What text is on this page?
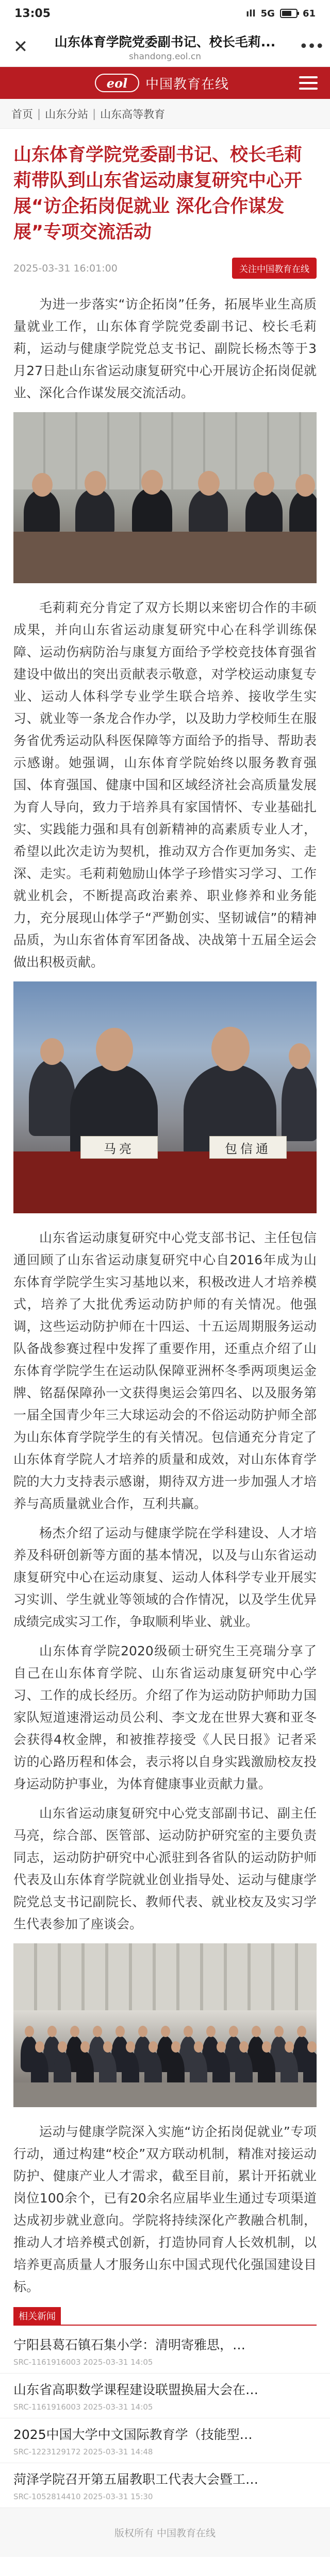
13:05	ıll 5G	61
✕	山东体育学院党委副书记、校长毛莉...
shandong.eol.cn
•••
eol	中国教育在线
首页 | 山东分站 | 山东高等教育
山东体育学院党委副书记、校长毛莉莉带队到山东省运动康复研究中心开展“访企拓岗促就业 深化合作谋发展”专项交流活动
2025-03-31 16:01:00	关注中国教育在线

为进一步落实“访企拓岗”任务，拓展毕业生高质量就业工作，山东体育学院党委副书记、校长毛莉莉，运动与健康学院党总支书记、副院长杨杰等于3月27日赴山东省运动康复研究中心开展访企拓岗促就业、深化合作谋发展交流活动。

毛莉莉充分肯定了双方长期以来密切合作的丰硕成果，并向山东省运动康复研究中心在科学训练保障、运动伤病防治与康复方面给予学校竞技体育强省建设中做出的突出贡献表示敬意，对学校运动康复专业、运动人体科学专业学生联合培养、接收学生实习、就业等一条龙合作办学，以及助力学校师生在服务省优秀运动队科医保障等方面给予的指导、帮助表示感谢。她强调，山东体育学院始终以服务教育强国、体育强国、健康中国和区域经济社会高质量发展为育人导向，致力于培养具有家国情怀、专业基础扎实、实践能力强和具有创新精神的高素质专业人才，希望以此次走访为契机，推动双方合作更加务实、走深、走实。毛莉莉勉励山体学子珍惜实习学习、工作就业机会，不断提高政治素养、职业修养和业务能力，充分展现山体学子“严勤创实、坚韧诚信”的精神品质，为山东省体育军团备战、决战第十五届全运会做出积极贡献。

马亮	包信通

山东省运动康复研究中心党支部书记、主任包信通回顾了山东省运动康复研究中心自2016年成为山东体育学院学生实习基地以来，积极改进人才培养模式，培养了大批优秀运动防护师的有关情况。他强调，这些运动防护师在十四运、十五运周期服务运动队备战参赛过程中发挥了重要作用，还重点介绍了山东体育学院学生在运动队保障亚洲杯冬季两项奥运金牌、铭磊保障孙一文获得奥运会第四名、以及服务第一届全国青少年三大球运动会的不俗运动防护师全部为山东体育学院学生的有关情况。包信通充分肯定了山东体育学院人才培养的质量和成效，对山东体育学院的大力支持表示感谢，期待双方进一步加强人才培养与高质量就业合作，互利共赢。

杨杰介绍了运动与健康学院在学科建设、人才培养及科研创新等方面的基本情况，以及与山东省运动康复研究中心在运动康复、运动人体科学专业开展实习实训、学生就业等领域的合作情况，以及学生优异成绩完成实习工作，争取顺利毕业、就业。

山东体育学院2020级硕士研究生王亮瑞分享了自己在山东体育学院、山东省运动康复研究中心学习、工作的成长经历。介绍了作为运动防护师助力国家队短道速滑运动员公利、李文龙在世界大赛和亚冬会获得4枚金牌，和被推荐接受《人民日报》记者采访的心路历程和体会，表示将以自身实践激励校友投身运动防护事业，为体育健康事业贡献力量。

山东省运动康复研究中心党支部副书记、副主任马亮，综合部、医管部、运动防护研究室的主要负责同志，运动防护研究中心派驻到各省队的运动防护师代表及山东体育学院就业创业指导处、运动与健康学院党总支书记副院长、教师代表、就业校友及实习学生代表参加了座谈会。

运动与健康学院深入实施“访企拓岗促就业”专项行动，通过构建“校企”双方联动机制，精准对接运动防护、健康产业人才需求，截至目前，累计开拓就业岗位100余个，已有20余名应届毕业生通过专项渠道达成初步就业意向。学院将持续深化产教融合机制，推动人才培养模式创新，打造协同育人长效机制，以培养更高质量人才服务山东中国式现代化强国建设目标。

相关新闻
宁阳县葛石镇石集小学：清明寄雅思，…
SRC-1161916003 2025-03-31 14:05
山东省高职数学课程建设联盟换届大会在…
SRC-1161916003 2025-03-31 14:05
2025中国大学中文国际教育学（技能型…
SRC-1223129172 2025-03-31 14:48
菏泽学院召开第五届教职工代表大会暨工…
SRC-1052814410 2025-03-31 15:30
版权所有 中国教育在线
